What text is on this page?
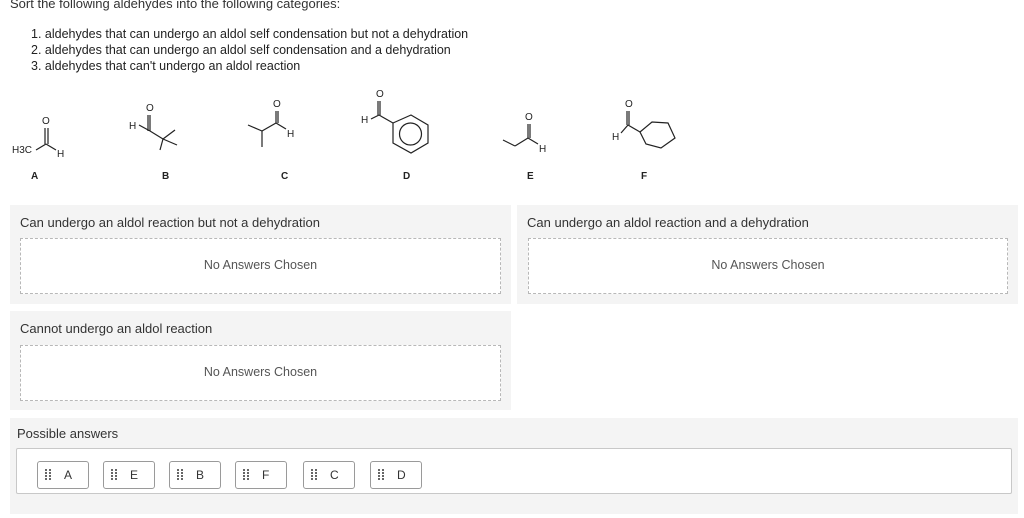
Sort the following aldehydes into the following categories:
1. aldehydes that can undergo an aldol self condensation but not a dehydration
2. aldehydes that can undergo an aldol self condensation and a dehydration
3. aldehydes that can't undergo an aldol reaction
O
H
H3C
A
O
H
B
O
H
C
O
H
D
O
H
E
O
H
F
Can undergo an aldol reaction but not a dehydration
No Answers Chosen
Can undergo an aldol reaction and a dehydration
No Answers Chosen
Cannot undergo an aldol reaction
No Answers Chosen
Possible answers
A	E	B	F	C	D
